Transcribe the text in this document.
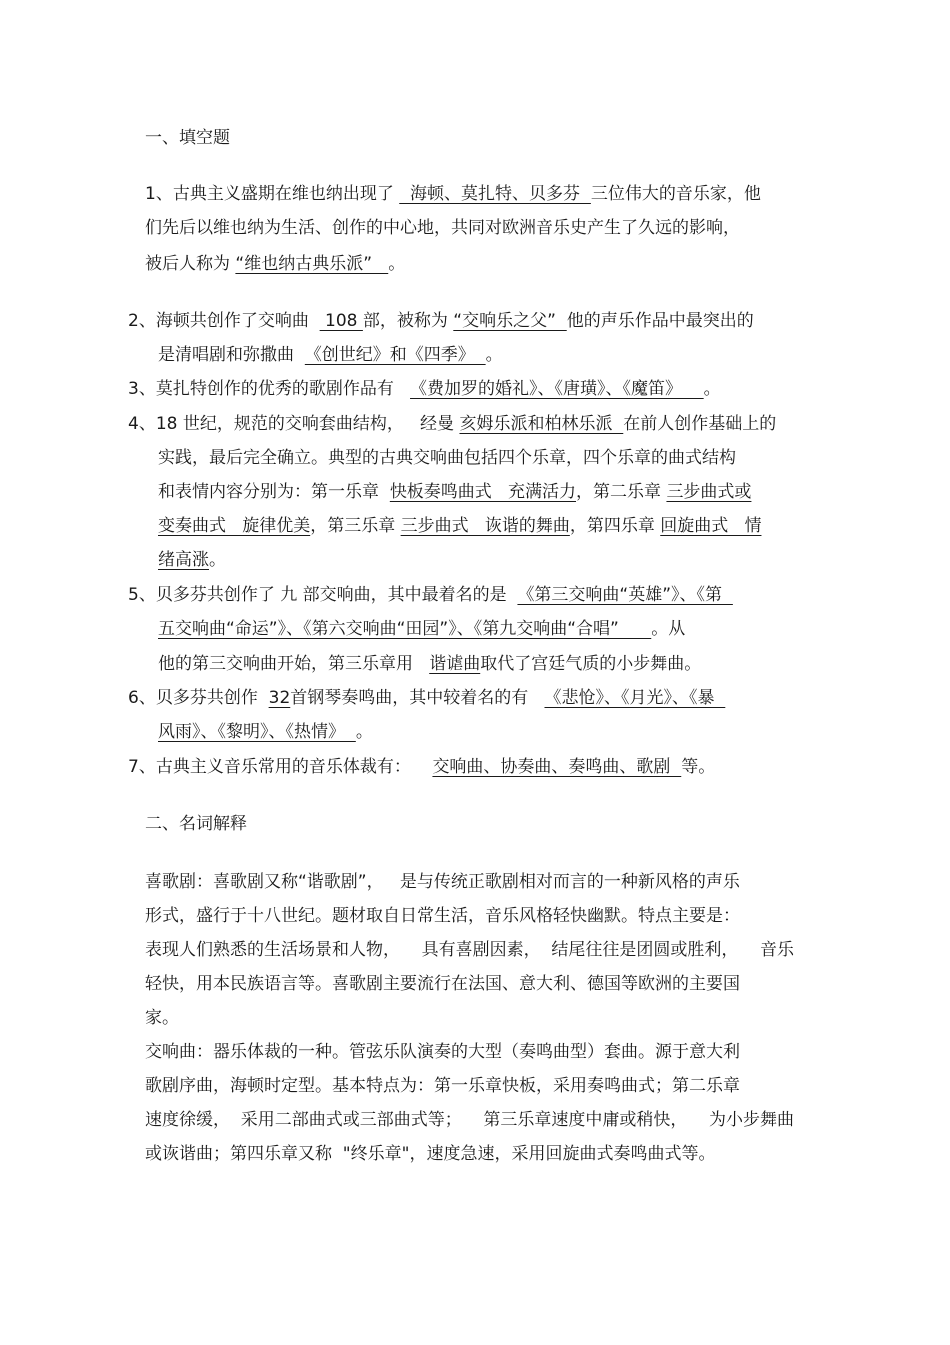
一、填空题
1、古典主义盛期在维也纳出现了   海顿、莫扎特、贝多芬  三位伟大的音乐家，他
们先后以维也纳为生活、创作的中心地，共同对欧洲音乐史产生了久远的影响，
被后人称为 “维也纳古典乐派”   。
2、海顿共创作了交响曲   108 部，被称为 “交响乐之父”  他的声乐作品中最突出的
是清唱剧和弥撒曲  《创世纪》和《四季》  。
3、莫扎特创作的优秀的歌剧作品有   《费加罗的婚礼》、《唐璜》、《魔笛》    。
4、18 世纪，规范的交响套曲结构，   经曼 亥姆乐派和柏林乐派  在前人创作基础上的
实践，最后完全确立。典型的古典交响曲包括四个乐章，四个乐章的曲式结构
和表情内容分别为：第一乐章  快板奏鸣曲式   充满活力，第二乐章 三步曲式或
变奏曲式   旋律优美，第三乐章 三步曲式   诙谐的舞曲，第四乐章 回旋曲式   情
绪高涨。
5、贝多芬共创作了 九 部交响曲，其中最着名的是  《第三交响曲“英雄”》、《第
五交响曲“命运”》、《第六交响曲“田园”》、《第九交响曲“合唱”      。从
他的第三交响曲开始，第三乐章用   谐谑曲取代了宫廷气质的小步舞曲。
6、贝多芬共创作  32首钢琴奏鸣曲，其中较着名的有   《悲怆》、《月光》、《暴
风雨》、《黎明》、《热情》  。
7、古典主义音乐常用的音乐体裁有：    交响曲、协奏曲、奏鸣曲、歌剧  等。
二、名词解释
喜歌剧：喜歌剧又称“谐歌剧”，   是与传统正歌剧相对而言的一种新风格的声乐
形式，盛行于十八世纪。题材取自日常生活，音乐风格轻快幽默。特点主要是：
表现人们熟悉的生活场景和人物，    具有喜剧因素，  结尾往往是团圆或胜利，    音乐
轻快，用本民族语言等。喜歌剧主要流行在法国、意大利、德国等欧洲的主要国
家。
交响曲：器乐体裁的一种。管弦乐队演奏的大型（奏鸣曲型）套曲。源于意大利
歌剧序曲，海顿时定型。基本特点为：第一乐章快板，采用奏鸣曲式；第二乐章
速度徐缓，  采用二部曲式或三部曲式等；    第三乐章速度中庸或稍快，    为小步舞曲
或诙谐曲；第四乐章又称  "终乐章"，速度急速，采用回旋曲式奏鸣曲式等。
